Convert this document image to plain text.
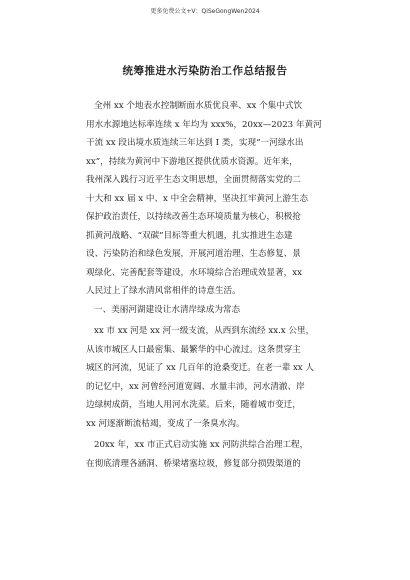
更多免费公文+V：QiSeGongWen2024
统筹推进水污染防治工作总结报告
全州 xx 个地表水控制断面水质优良率、xx 个集中式饮
用水水源地达标率连续 x 年均为 xxx%，20xx—2023 年黄河
干流 xx 段出境水质连续三年达到 I 类，实现“一河绿水出
xx”，持续为黄河中下游地区提供优质水资源。近年来，
我州深入践行习近平生态文明思想，全面贯彻落实党的二
十大和 xx 届 x 中、x 中全会精神，坚决扛牢黄河上游生态
保护政治责任，以持续改善生态环境质量为核心，积极抢
抓黄河战略、“双碳”目标等重大机遇，扎实推进生态建
设、污染防治和绿色发展，开展河道治理、生态修复、景
观绿化、完善配套等建设，水环境综合治理成效显著，xx
人民过上了绿水清风常相伴的诗意生活。
一、美丽河湖建设让水清岸绿成为常态
xx 市 xx 河是 xx 河一级支流，从西到东流经 xx.x 公里，
从该市城区人口最密集、最繁华的中心流过。这条贯穿主
城区的河流，见证了 xx 几百年的沧桑变迁。在老一辈 xx 人
的记忆中，xx 河曾经河道宽阔、水量丰沛，河水清澈、岸
边绿树成荫，当地人用河水洗菜。后来，随着城市变迁，
xx 河逐渐断流枯竭，变成了一条臭水沟。
20xx 年，xx 市正式启动实施 xx 河防洪综合治理工程，
在彻底清理各涵洞、桥梁堵塞垃圾，修复部分损毁渠道的
